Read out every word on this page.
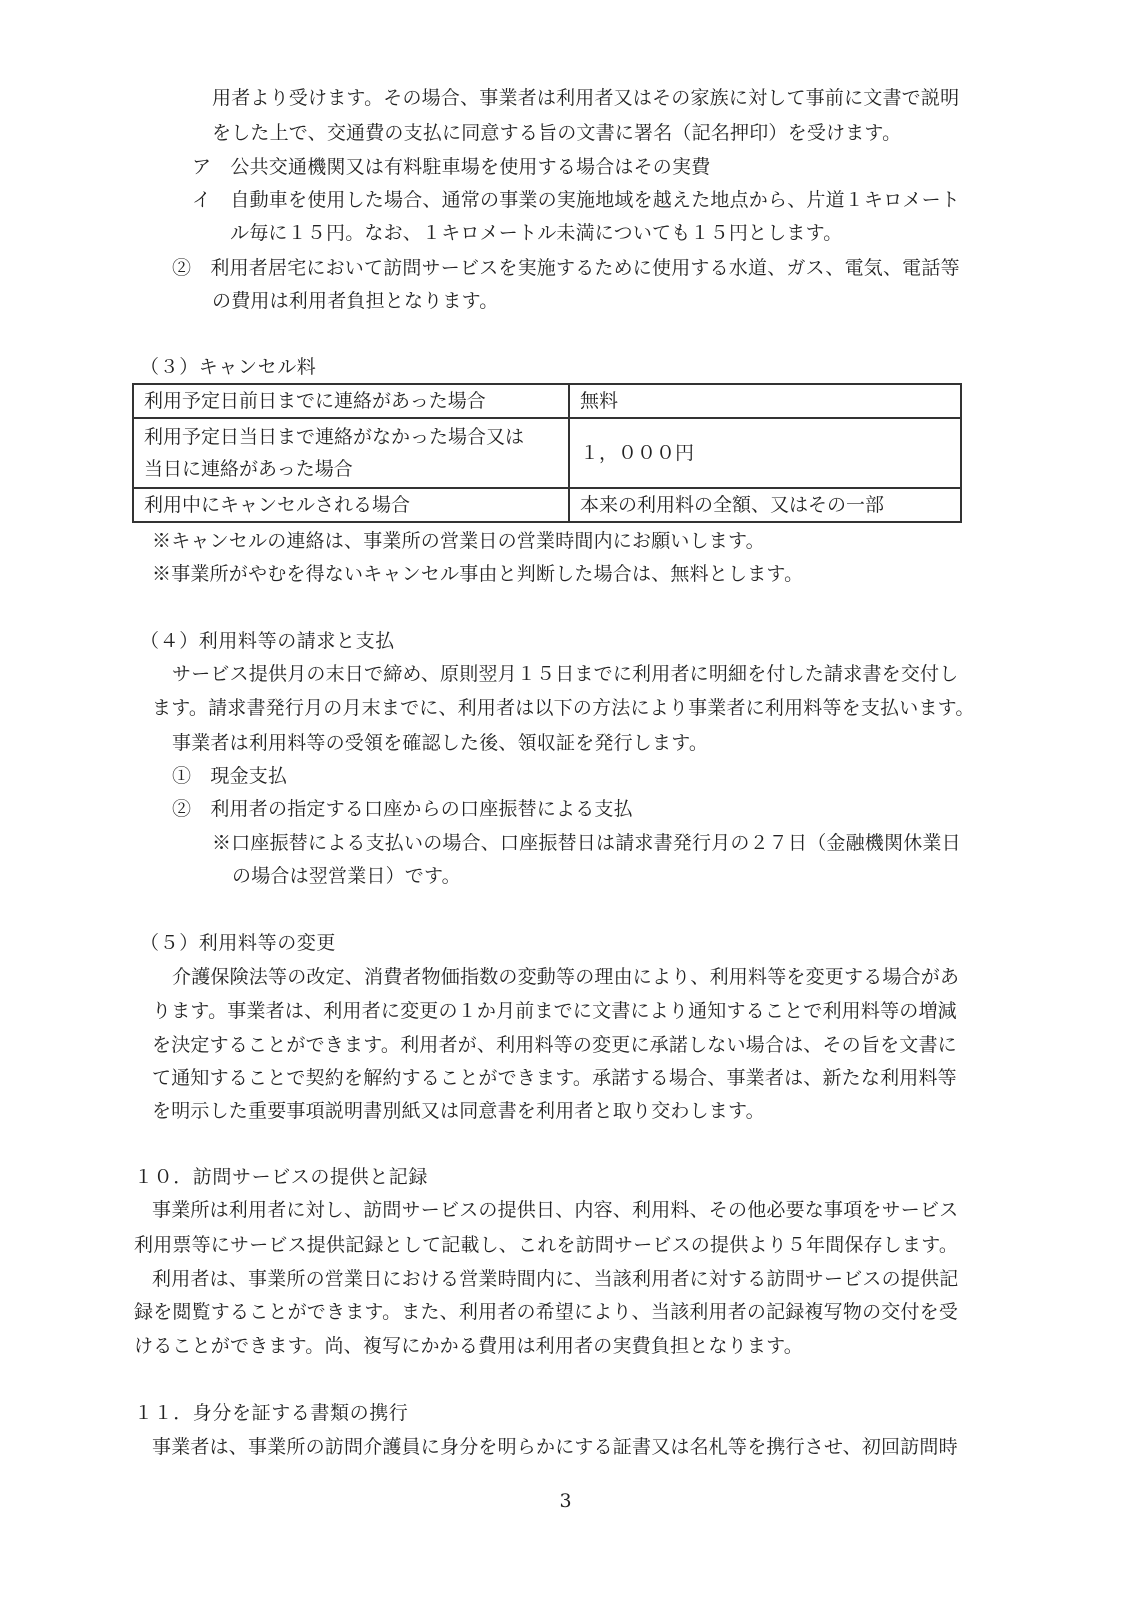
用者より受けます。その場合、事業者は利用者又はその家族に対して事前に文書で説明
をした上で、交通費の支払に同意する旨の文書に署名（記名押印）を受けます。
ア　公共交通機関又は有料駐車場を使用する場合はその実費
イ　自動車を使用した場合、通常の事業の実施地域を越えた地点から、片道１キロメート
ル毎に１５円。なお、１キロメートル未満についても１５円とします。
②　利用者居宅において訪問サービスを実施するために使用する水道、ガス、電気、電話等
の費用は利用者負担となります。
（３）キャンセル料
利用予定日前日までに連絡があった場合	無料

利用予定日当日まで連絡がなかった場合又は
当日に連絡があった場合	１，０００円
利用中にキャンセルされる場合	本来の利用料の全額、又はその一部
※キャンセルの連絡は、事業所の営業日の営業時間内にお願いします。
※事業所がやむを得ないキャンセル事由と判断した場合は、無料とします。
（４）利用料等の請求と支払
サービス提供月の末日で締め、原則翌月１５日までに利用者に明細を付した請求書を交付し
ます。請求書発行月の月末までに、利用者は以下の方法により事業者に利用料等を支払います。
事業者は利用料等の受領を確認した後、領収証を発行します。
①　現金支払
②　利用者の指定する口座からの口座振替による支払
※口座振替による支払いの場合、口座振替日は請求書発行月の２７日（金融機関休業日
の場合は翌営業日）です。
（５）利用料等の変更
介護保険法等の改定、消費者物価指数の変動等の理由により、利用料等を変更する場合があ
ります。事業者は、利用者に変更の１か月前までに文書により通知することで利用料等の増減
を決定することができます。利用者が、利用料等の変更に承諾しない場合は、その旨を文書に
て通知することで契約を解約することができます。承諾する場合、事業者は、新たな利用料等
を明示した重要事項説明書別紙又は同意書を利用者と取り交わします。
１０．訪問サービスの提供と記録
事業所は利用者に対し、訪問サービスの提供日、内容、利用料、その他必要な事項をサービス
利用票等にサービス提供記録として記載し、これを訪問サービスの提供より５年間保存します。
利用者は、事業所の営業日における営業時間内に、当該利用者に対する訪問サービスの提供記
録を閲覧することができます。また、利用者の希望により、当該利用者の記録複写物の交付を受
けることができます。尚、複写にかかる費用は利用者の実費負担となります。
１１．身分を証する書類の携行
事業者は、事業所の訪問介護員に身分を明らかにする証書又は名札等を携行させ、初回訪問時
3
